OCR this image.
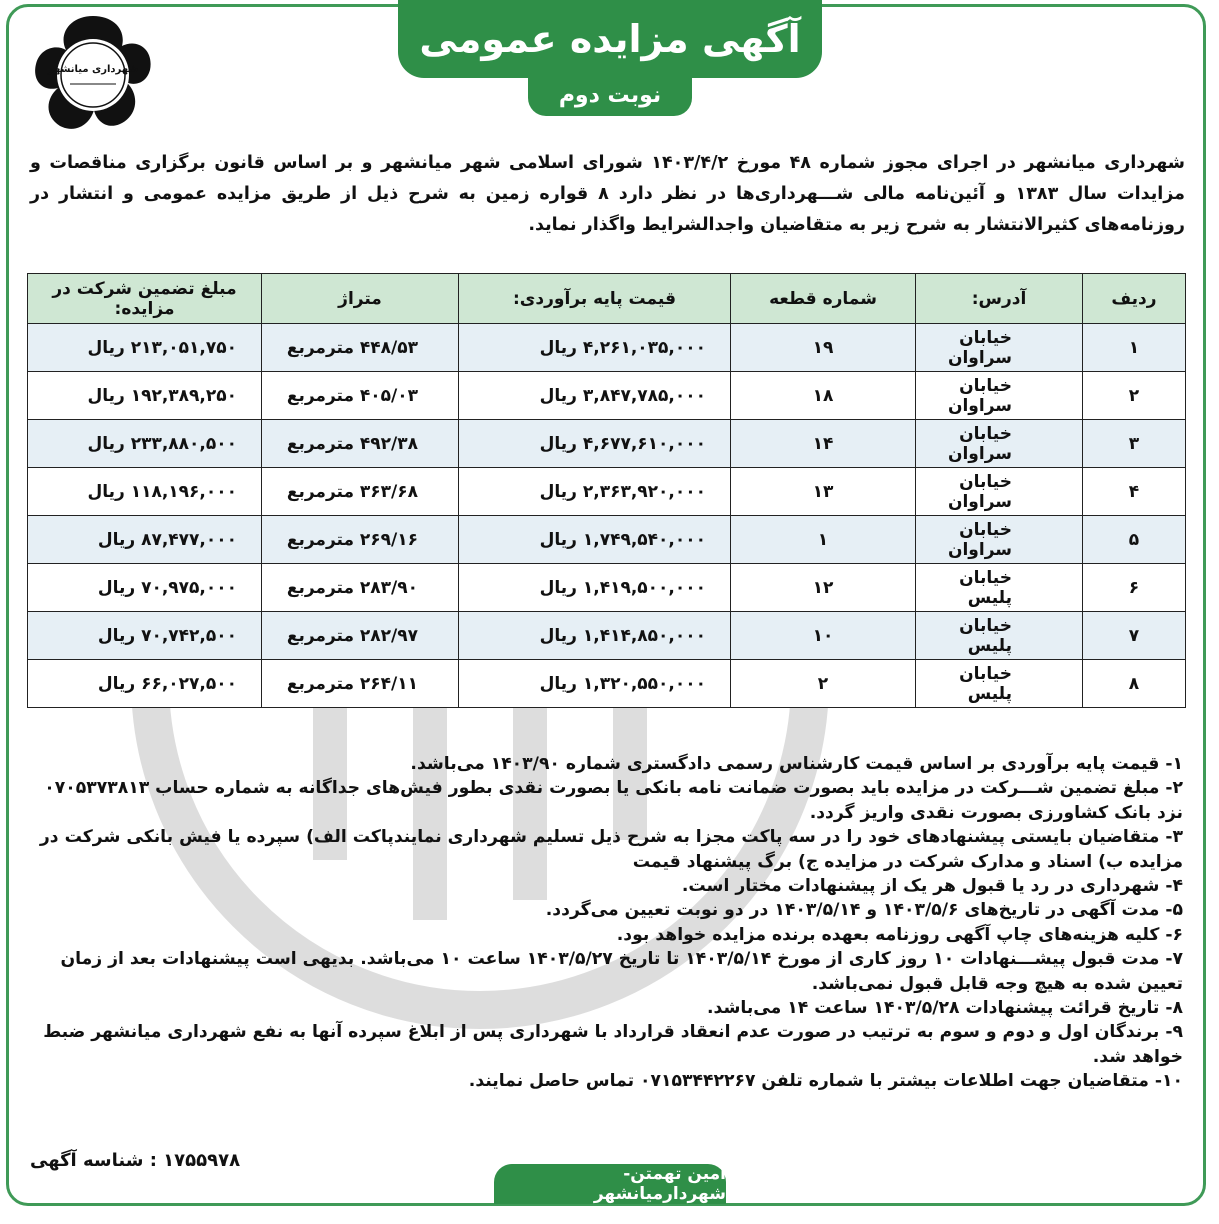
آگهی مزایده عمومی
نوبت دوم
شهرداری میانشهر
شهرداری میانشهر در اجرای مجوز شماره ۴۸ مورخ ۱۴۰۳/۴/۲ شورای اسلامی شهر میانشهر و بر اساس قانون برگزاری مناقصات و مزایدات سال ۱۳۸۳ و آئین‌نامه مالی شـــهرداری‌ها در نظر دارد ۸ قواره زمین به شرح ذیل از طریق مزایده عمومی و انتشار در روزنامه‌های کثیرالانتشار به شرح زیر به متقاضیان واجدالشرایط واگذار نماید.
ردیف	آدرس:	شماره قطعه	قیمت پایه برآوردی:	متراژ	مبلغ تضمین شرکت در مزایده:
۱	خیابان سراوان	۱۹	۴,۲۶۱,۰۳۵,۰۰۰ ریال	۴۴۸/۵۳ مترمربع	۲۱۳,۰۵۱,۷۵۰ ریال
۲	خیابان سراوان	۱۸	۳,۸۴۷,۷۸۵,۰۰۰ ریال	۴۰۵/۰۳ مترمربع	۱۹۲,۳۸۹,۲۵۰ ریال
۳	خیابان سراوان	۱۴	۴,۶۷۷,۶۱۰,۰۰۰ ریال	۴۹۲/۳۸ مترمربع	۲۳۳,۸۸۰,۵۰۰ ریال
۴	خیابان سراوان	۱۳	۲,۳۶۳,۹۲۰,۰۰۰ ریال	۳۶۳/۶۸ مترمربع	۱۱۸,۱۹۶,۰۰۰ ریال
۵	خیابان سراوان	۱	۱,۷۴۹,۵۴۰,۰۰۰ ریال	۲۶۹/۱۶ مترمربع	۸۷,۴۷۷,۰۰۰ ریال
۶	خیابان پلیس	۱۲	۱,۴۱۹,۵۰۰,۰۰۰ ریال	۲۸۳/۹۰ مترمربع	۷۰,۹۷۵,۰۰۰ ریال
۷	خیابان پلیس	۱۰	۱,۴۱۴,۸۵۰,۰۰۰ ریال	۲۸۲/۹۷ مترمربع	۷۰,۷۴۲,۵۰۰ ریال
۸	خیابان پلیس	۲	۱,۳۲۰,۵۵۰,۰۰۰ ریال	۲۶۴/۱۱ مترمربع	۶۶,۰۲۷,۵۰۰ ریال

۱- قیمت پایه برآوردی بر اساس قیمت کارشناس رسمی دادگستری شماره ۱۴۰۳/۹۰ می‌باشد.

۲- مبلغ تضمین شـــرکت در مزایده باید بصورت ضمانت نامه بانکی یا بصورت نقدی بطور فیش‌های جداگانه به شماره حساب ۰۷۰۵۳۷۳۸۱۳ نزد بانک کشاورزی بصورت نقدی واریز گردد.

۳- متقاضیان بایستی پیشنهادهای خود را در سه پاکت مجزا به شرح ذیل تسلیم شهرداری نمایند‌پاکت الف) سپرده یا فیش بانکی شرکت در مزایده ب) اسناد و مدارک شرکت در مزایده ج) برگ پیشنهاد قیمت

۴- شهرداری در رد یا قبول هر یک از پیشنهادات مختار است.

۵- مدت آگهی در تاریخ‌های ۱۴۰۳/۵/۶ و ۱۴۰۳/۵/۱۴ در دو نوبت تعیین می‌گردد.

۶- کلیه هزینه‌های چاپ آگهی روزنامه بعهده برنده مزایده خواهد بود.

۷- مدت قبول پیشـــنهادات ۱۰ روز کاری از مورخ ۱۴۰۳/۵/۱۴ تا تاریخ ۱۴۰۳/۵/۲۷ ساعت ۱۰ می‌باشد. بدیهی است پیشنهادات بعد از زمان تعیین شده به هیچ وجه قابل قبول نمی‌باشد.

۸- تاریخ قرائت پیشنهادات ۱۴۰۳/۵/۲۸ ساعت ۱۴ می‌باشد.

۹- برندگان اول و دوم و سوم به ترتیب در صورت عدم انعقاد قرارداد با شهرداری پس از ابلاغ سپرده آنها به نفع شهرداری میانشهر ضبط خواهد شد.

۱۰- متقاضیان جهت اطلاعات بیشتر با شماره تلفن ۰۷۱۵۳۴۴۲۲۶۷ تماس حاصل نمایند.

۱۷۵۵۹۷۸ : شناسه آگهی
امین تهمتن-شهردارمیانشهر
